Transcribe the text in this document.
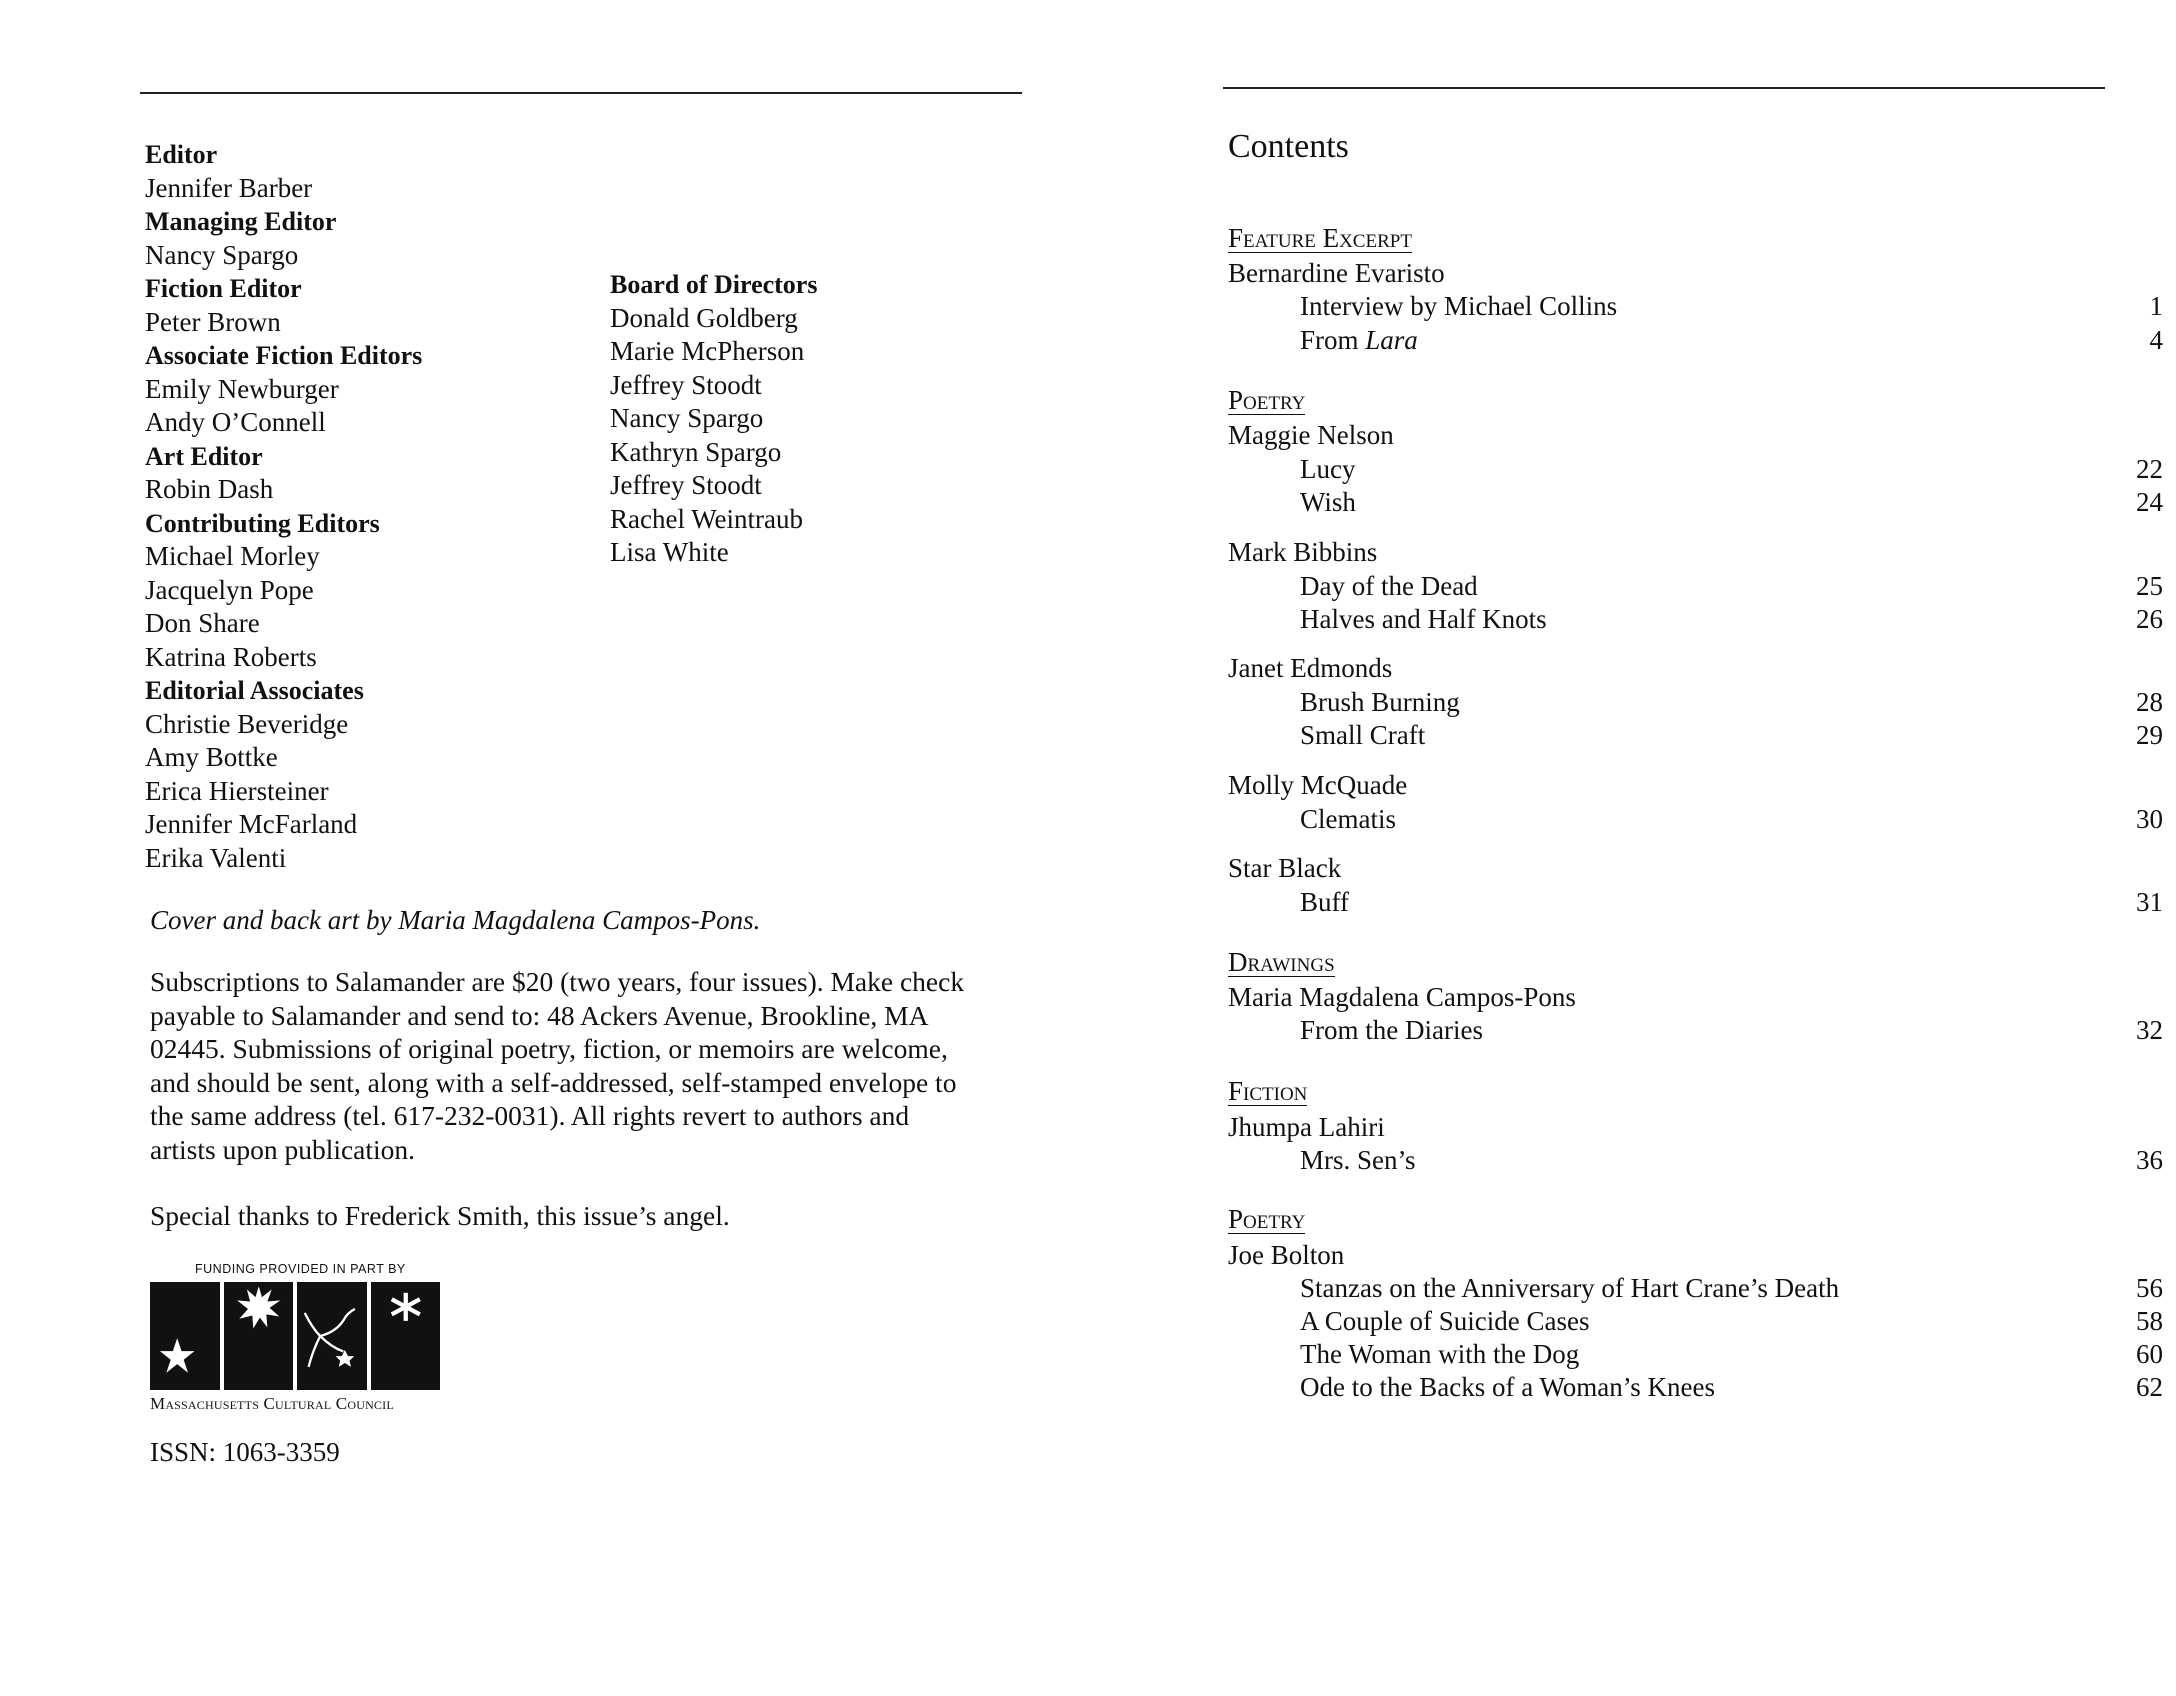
Editor
Jennifer Barber
Managing Editor
Nancy Spargo
Fiction Editor
Peter Brown
Associate Fiction Editors
Emily Newburger
Andy O’Connell
Art Editor
Robin Dash
Contributing Editors
Michael Morley
Jacquelyn Pope
Don Share
Katrina Roberts
Editorial Associates
Christie Beveridge
Amy Bottke
Erica Hiersteiner
Jennifer McFarland
Erika Valenti
Board of Directors
Donald Goldberg
Marie McPherson
Jeffrey Stoodt
Nancy Spargo
Kathryn Spargo
Jeffrey Stoodt
Rachel Weintraub
Lisa White
Cover and back art by Maria Magdalena Campos-Pons.
Subscriptions to Salamander are $20 (two years, four issues). Make check payable to Salamander and send to: 48 Ackers Avenue, Brookline, MA 02445. Submissions of original poetry, fiction, or memoirs are welcome, and should be sent, along with a self-addressed, self-stamped envelope to the same address (tel. 617-232-0031). All rights revert to authors and artists upon publication.
Special thanks to Frederick Smith, this issue’s angel.
FUNDING PROVIDED IN PART BY
Massachusetts Cultural Council
ISSN: 1063-3359
Contents
Feature Excerpt
Bernardine Evaristo
Interview by Michael Collins	1
From Lara	4
Poetry
Maggie Nelson
Lucy	22
Wish	24
Mark Bibbins
Day of the Dead	25
Halves and Half Knots	26
Janet Edmonds
Brush Burning	28
Small Craft	29
Molly McQuade
Clematis	30
Star Black
Buff	31
Drawings
Maria Magdalena Campos-Pons
From the Diaries	32
Fiction
Jhumpa Lahiri
Mrs. Sen’s	36
Poetry
Joe Bolton
Stanzas on the Anniversary of Hart Crane’s Death	56
A Couple of Suicide Cases	58
The Woman with the Dog	60
Ode to the Backs of a Woman’s Knees	62
